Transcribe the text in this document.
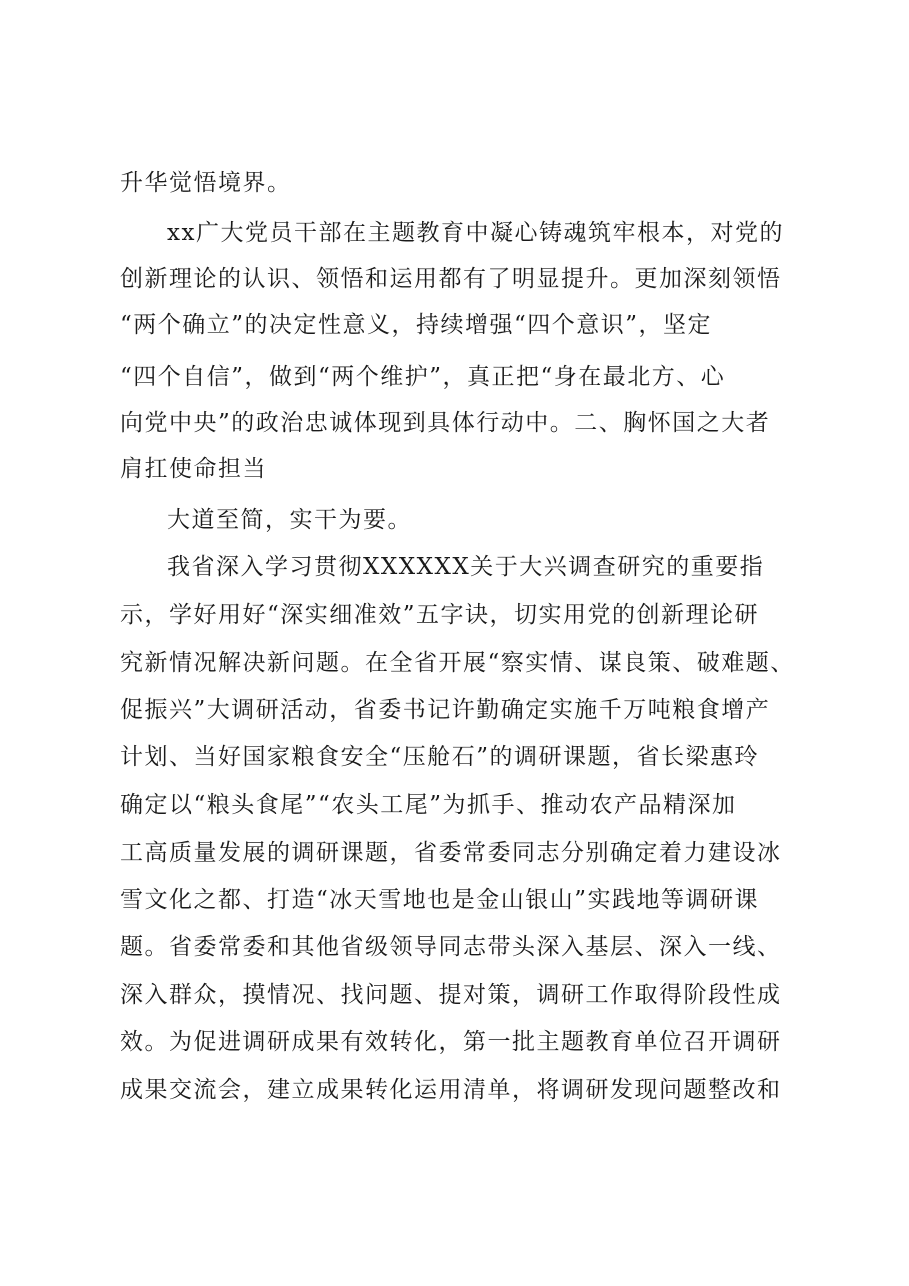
升华觉悟境界。

xx广大党员干部在主题教育中凝心铸魂筑牢根本，对党的

创新理论的认识、领悟和运用都有了明显提升。更加深刻领悟

“两个确立”的决定性意义，持续增强“四个意识”，坚定

“四个自信”，做到“两个维护”，真正把“身在最北方、心

向党中央”的政治忠诚体现到具体行动中。二、胸怀国之大者

肩扛使命担当

大道至简，实干为要。

我省深入学习贯彻XXXXXX关于大兴调查研究的重要指

示，学好用好“深实细准效”五字诀，切实用党的创新理论研

究新情况解决新问题。在全省开展“察实情、谋良策、破难题、

促振兴”大调研活动，省委书记许勤确定实施千万吨粮食增产

计划、当好国家粮食安全“压舱石”的调研课题，省长梁惠玲

确定以“粮头食尾”“农头工尾”为抓手、推动农产品精深加

工高质量发展的调研课题，省委常委同志分别确定着力建设冰

雪文化之都、打造“冰天雪地也是金山银山”实践地等调研课

题。省委常委和其他省级领导同志带头深入基层、深入一线、

深入群众，摸情况、找问题、提对策，调研工作取得阶段性成

效。为促进调研成果有效转化，第一批主题教育单位召开调研

成果交流会，建立成果转化运用清单，将调研发现问题整改和
